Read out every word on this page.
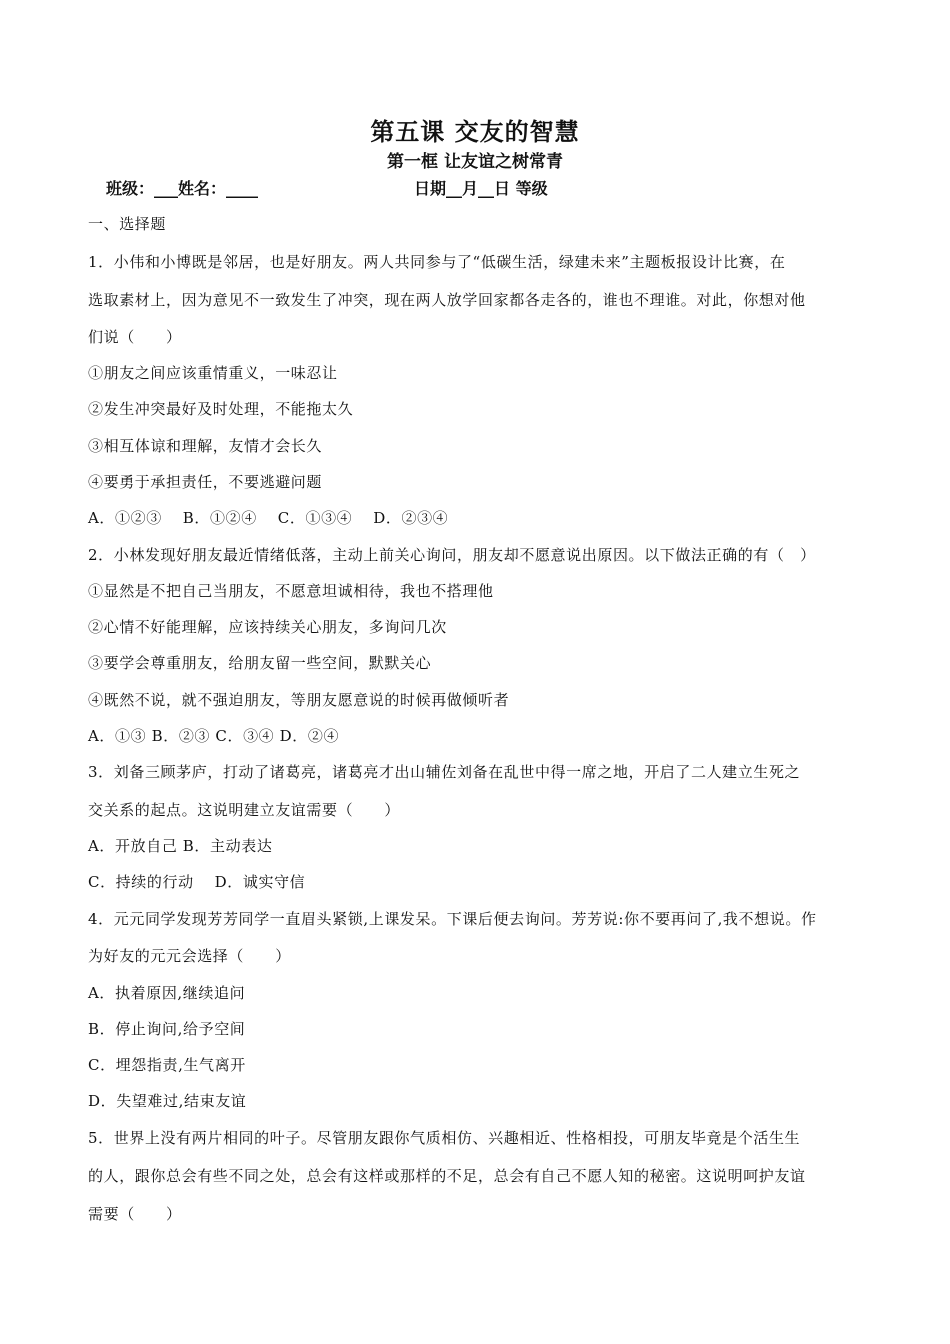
第五课 交友的智慧
第一框 让友谊之树常青
班级：___姓名：____	日期__月__日 等级
一、选择题
1．小伟和小博既是邻居，也是好朋友。两人共同参与了“低碳生活，绿建未来”主题板报设计比赛，在
选取素材上，因为意见不一致发生了冲突，现在两人放学回家都各走各的，谁也不理谁。对此，你想对他
们说（　　）
①朋友之间应该重情重义，一味忍让
②发生冲突最好及时处理，不能拖太久
③相互体谅和理解，友情才会长久
④要勇于承担责任，不要逃避问题
A．①②③　 B．①②④　 C．①③④　 D．②③④
2．小林发现好朋友最近情绪低落，主动上前关心询问，朋友却不愿意说出原因。以下做法正确的有（　）
①显然是不把自己当朋友，不愿意坦诚相待，我也不搭理他
②心情不好能理解，应该持续关心朋友，多询问几次
③要学会尊重朋友，给朋友留一些空间，默默关心
④既然不说，就不强迫朋友，等朋友愿意说的时候再做倾听者
A．①③ B．②③ C．③④ D．②④
3．刘备三顾茅庐，打动了诸葛亮，诸葛亮才出山辅佐刘备在乱世中得一席之地，开启了二人建立生死之
交关系的起点。这说明建立友谊需要（　　）
A．开放自己 B．主动表达
C．持续的行动　 D．诚实守信
4．元元同学发现芳芳同学一直眉头紧锁,上课发呆。下课后便去询问。芳芳说:你不要再问了,我不想说。作
为好友的元元会选择（　　）
A．执着原因,继续追问
B．停止询问,给予空间
C．埋怨指责,生气离开
D．失望难过,结束友谊
5．世界上没有两片相同的叶子。尽管朋友跟你气质相仿、兴趣相近、性格相投，可朋友毕竟是个活生生
的人，跟你总会有些不同之处，总会有这样或那样的不足，总会有自己不愿人知的秘密。这说明呵护友谊
需要（　　）
